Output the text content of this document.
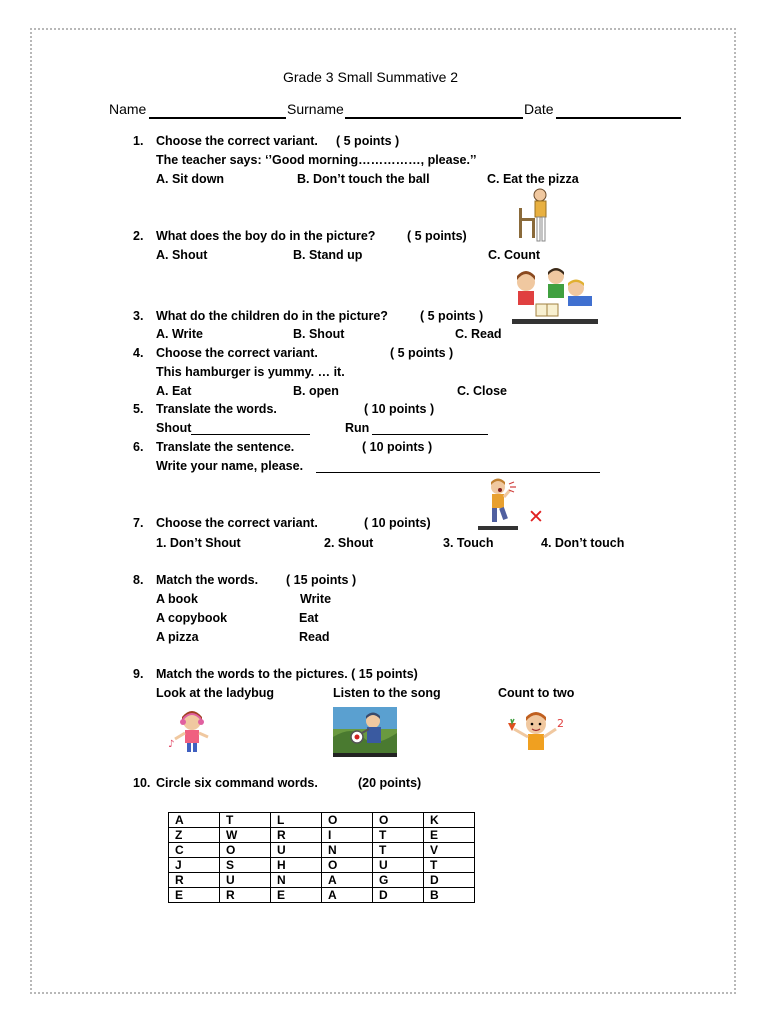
Grade 3 Small Summative 2
Name	Surname	Date
1. Choose the correct variant. ( 5 points )
The teacher says: ‘’Good morning……………, please.’’
A. Sit down	B. Don’t touch the ball	C. Eat the pizza
2. What does the boy do in the picture?	( 5 points)
A. Shout	B. Stand up	C. Count
3. What do the children do in the picture?	( 5 points )
A. Write	B. Shout	C. Read
4. Choose the correct variant.	( 5 points )
This hamburger is yummy. … it.
A. Eat	B. open	C. Close
5. Translate the words.	( 10 points )
Shout	Run
6. Translate the sentence.	( 10 points )
Write your name, please.
✕
7. Choose the correct variant.	( 10 points)
1. Don’t Shout	2. Shout	3. Touch	4. Don’t touch
8. Match the words. ( 15 points )
A book	Write
A copybook	Eat
A pizza	Read
9. Match the words to the pictures. ( 15 points)
Look at the ladybug	Listen to the song	Count to two
♪
2
10. Circle six command words.	(20 points)
A	T	L	O	O	K
Z	W	R	I	T	E
C	O	U	N	T	V
J	S	H	O	U	T
R	U	N	A	G	D
E	R	E	A	D	B
